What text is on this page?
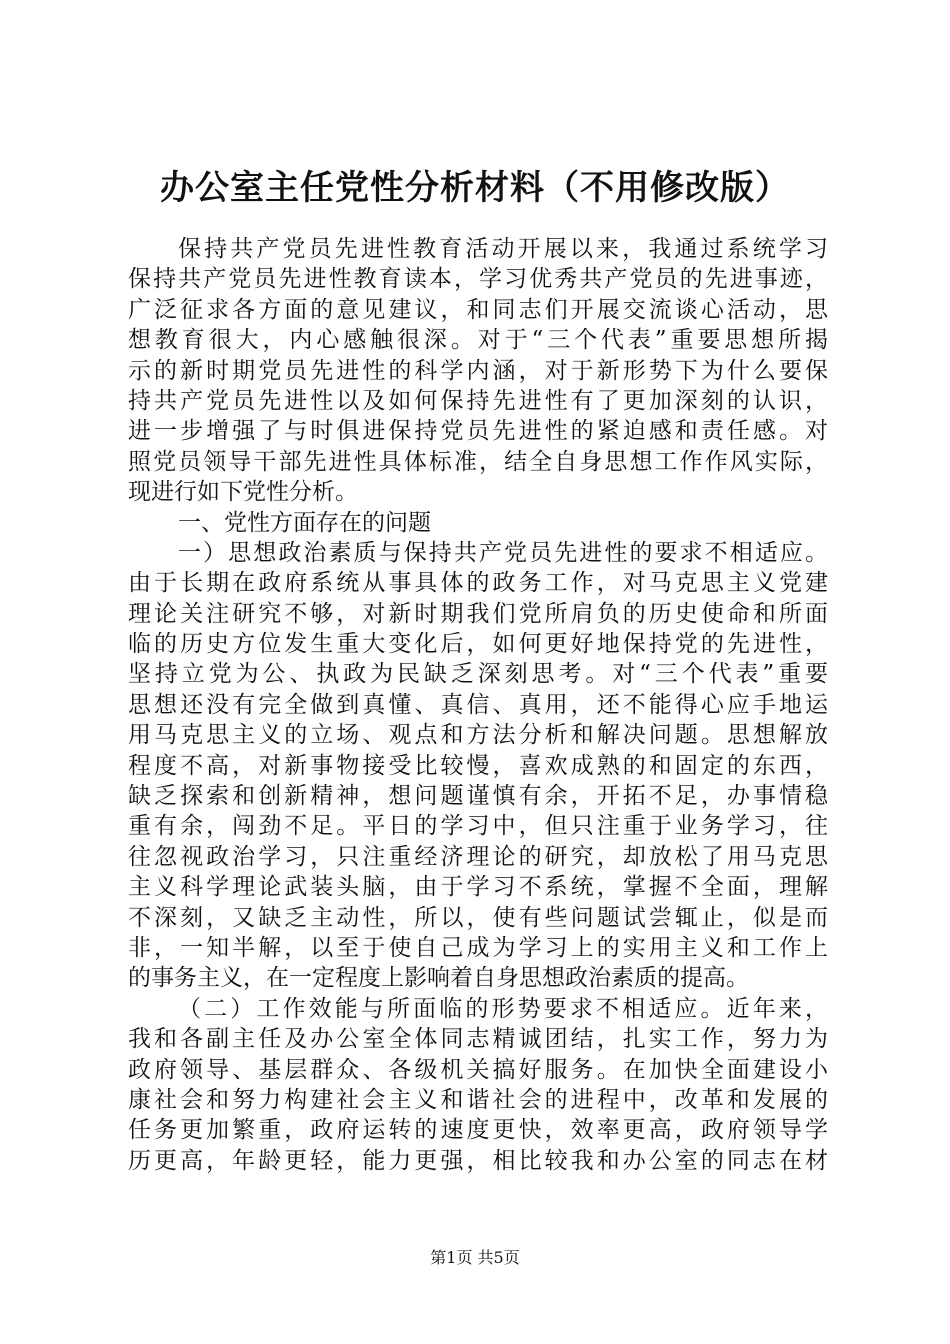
办公室主任党性分析材料（不用修改版）
保持共产党员先进性教育活动开展以来，我通过系统学习
保持共产党员先进性教育读本，学习优秀共产党员的先进事迹，
广泛征求各方面的意见建议，和同志们开展交流谈心活动，思
想教育很大，内心感触很深。对于“三个代表”重要思想所揭
示的新时期党员先进性的科学内涵，对于新形势下为什么要保
持共产党员先进性以及如何保持先进性有了更加深刻的认识，
进一步增强了与时俱进保持党员先进性的紧迫感和责任感。对
照党员领导干部先进性具体标准，结全自身思想工作作风实际，
现进行如下党性分析。
一、党性方面存在的问题
一）思想政治素质与保持共产党员先进性的要求不相适应。
由于长期在政府系统从事具体的政务工作，对马克思主义党建
理论关注研究不够，对新时期我们党所肩负的历史使命和所面
临的历史方位发生重大变化后，如何更好地保持党的先进性，
坚持立党为公、执政为民缺乏深刻思考。对“三个代表”重要
思想还没有完全做到真懂、真信、真用，还不能得心应手地运
用马克思主义的立场、观点和方法分析和解决问题。思想解放
程度不高，对新事物接受比较慢，喜欢成熟的和固定的东西，
缺乏探索和创新精神，想问题谨慎有余，开拓不足，办事情稳
重有余，闯劲不足。平日的学习中，但只注重于业务学习，往
往忽视政治学习，只注重经济理论的研究，却放松了用马克思
主义科学理论武装头脑，由于学习不系统，掌握不全面，理解
不深刻，又缺乏主动性，所以，使有些问题试尝辄止，似是而
非，一知半解，以至于使自己成为学习上的实用主义和工作上
的事务主义，在一定程度上影响着自身思想政治素质的提高。
（二）工作效能与所面临的形势要求不相适应。近年来，
我和各副主任及办公室全体同志精诚团结，扎实工作，努力为
政府领导、基层群众、各级机关搞好服务。在加快全面建设小
康社会和努力构建社会主义和谐社会的进程中，改革和发展的
任务更加繁重，政府运转的速度更快，效率更高，政府领导学
历更高，年龄更轻，能力更强，相比较我和办公室的同志在材
第1页 共5页
